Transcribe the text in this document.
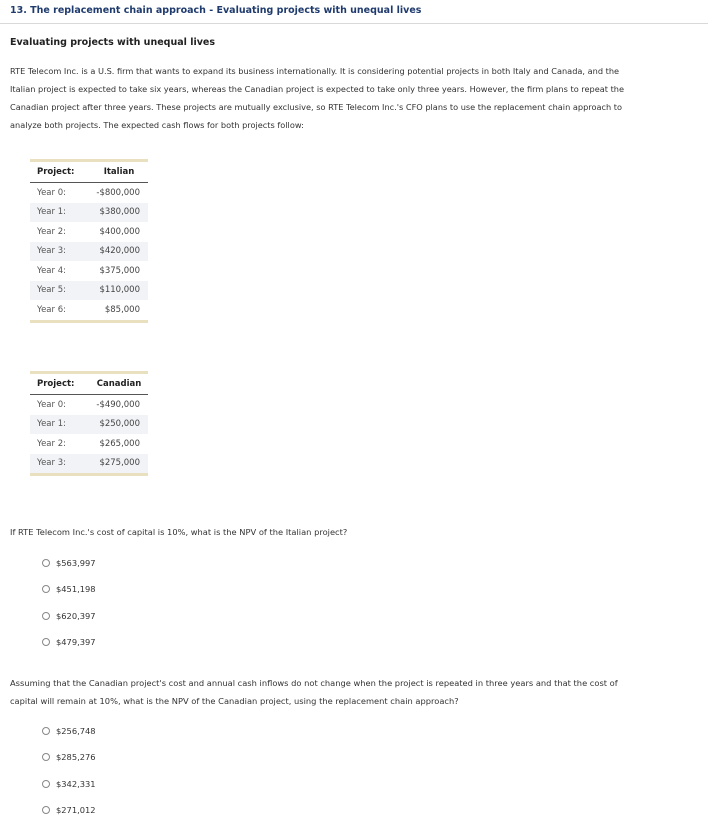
13. The replacement chain approach - Evaluating projects with unequal lives
Evaluating projects with unequal lives
RTE Telecom Inc. is a U.S. firm that wants to expand its business internationally. It is considering potential projects in both Italy and Canada, and the
Italian project is expected to take six years, whereas the Canadian project is expected to take only three years. However, the firm plans to repeat the
Canadian project after three years. These projects are mutually exclusive, so RTE Telecom Inc.'s CFO plans to use the replacement chain approach to
analyze both projects. The expected cash flows for both projects follow:
Project:	Italian
Year 0:	-$800,000
Year 1:	$380,000
Year 2:	$400,000
Year 3:	$420,000
Year 4:	$375,000
Year 5:	$110,000
Year 6:	$85,000
Project:	Canadian
Year 0:	-$490,000
Year 1:	$250,000
Year 2:	$265,000
Year 3:	$275,000
If RTE Telecom Inc.'s cost of capital is 10%, what is the NPV of the Italian project?
$563,997
$451,198
$620,397
$479,397
Assuming that the Canadian project's cost and annual cash inflows do not change when the project is repeated in three years and that the cost of
capital will remain at 10%, what is the NPV of the Canadian project, using the replacement chain approach?
$256,748
$285,276
$342,331
$271,012
